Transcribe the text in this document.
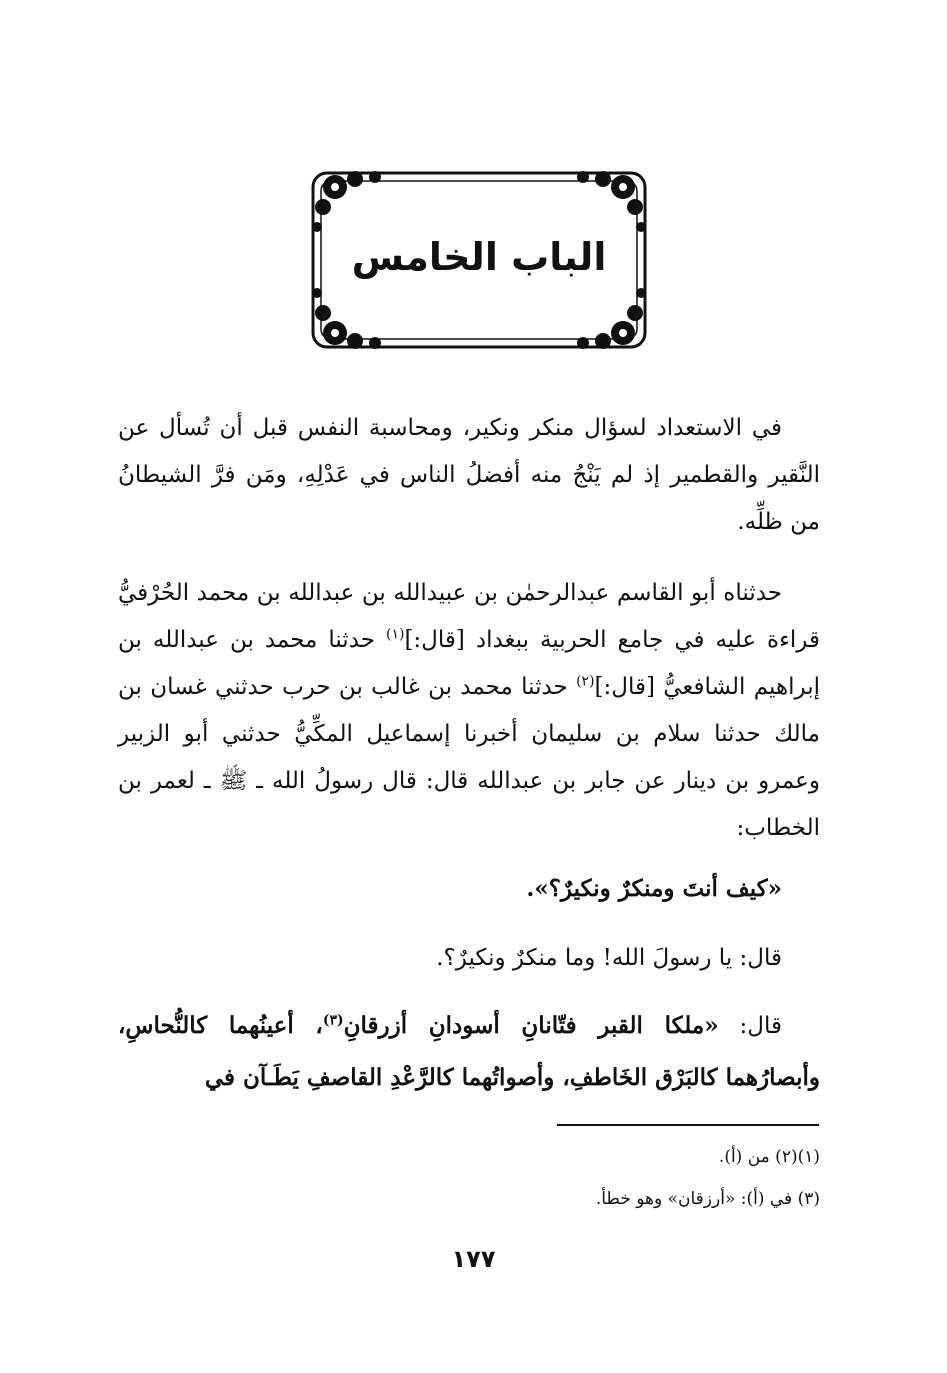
الباب الخامس

في الاستعداد لسؤال منكر ونكير، ومحاسبة النفس قبل أن تُسأل عن النَّقير والقطمير إذ لم يَنْجُ منه أفضلُ الناس في عَدْلِهِ، ومَن فرَّ الشيطانُ من ظلِّه.

حدثناه أبو القاسم عبدالرحمٰن بن عبيدالله بن عبدالله بن محمد الحُرْفيُّ قراءة عليه في جامع الحربية ببغداد [قال:]$^{(١)}$ حدثنا محمد بن عبدالله بن إبراهيم الشافعيُّ [قال:]$^{(٢)}$ حدثنا محمد بن غالب بن حرب حدثني غسان بن مالك حدثنا سلام بن سليمان أخبرنا إسماعيل المكِّيُّ حدثني أبو الزبير وعمرو بن دينار عن جابر بن عبدالله قال: قال رسولُ الله ـ ﷺ ـ لعمر بن الخطاب:

«كيف أنتَ ومنكرٌ ونكيرٌ؟».

قال: يا رسولَ الله! وما منكرٌ ونكيرٌ؟.

قال: «ملكا القبر فتّانانِ أسودانِ أزرقانِ$^{(٣)}$، أعينُهما كالنُّحاسِ، وأبصارُهما كالبَرْق الخَاطفِ، وأصواتُهما كالرَّعْدِ القاصفِ يَطَـآن في

(١)(٢) من (أ).
(٣) في (أ): «أرزقان» وهو خطأ.
١٧٧
